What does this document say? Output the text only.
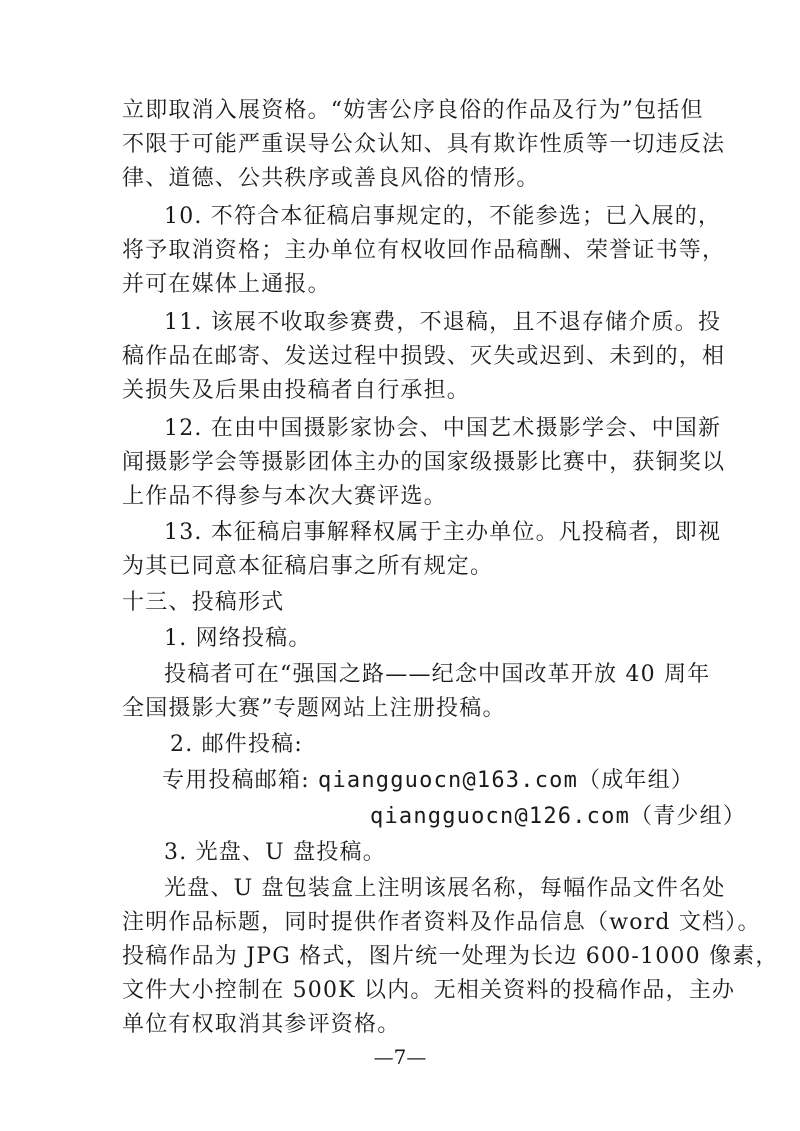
立即取消入展资格。“妨害公序良俗的作品及行为”包括但
不限于可能严重误导公众认知、具有欺诈性质等一切违反法
律、道德、公共秩序或善良风俗的情形。
10. 不符合本征稿启事规定的，不能参选；已入展的，
将予取消资格；主办单位有权收回作品稿酬、荣誉证书等，
并可在媒体上通报。
11. 该展不收取参赛费，不退稿，且不退存储介质。投
稿作品在邮寄、发送过程中损毁、灭失或迟到、未到的，相
关损失及后果由投稿者自行承担。
12. 在由中国摄影家协会、中国艺术摄影学会、中国新
闻摄影学会等摄影团体主办的国家级摄影比赛中，获铜奖以
上作品不得参与本次大赛评选。
13. 本征稿启事解释权属于主办单位。凡投稿者，即视
为其已同意本征稿启事之所有规定。
十三、投稿形式
1. 网络投稿。
投稿者可在“强国之路——纪念中国改革开放 40 周年
全国摄影大赛”专题网站上注册投稿。
2. 邮件投稿:
专用投稿邮箱: qiangguocn@163.com（成年组）
qiangguocn@126.com（青少组）
3. 光盘、U 盘投稿。
光盘、U 盘包装盒上注明该展名称，每幅作品文件名处
注明作品标题，同时提供作者资料及作品信息（word 文档）。
投稿作品为 JPG 格式，图片统一处理为长边 600-1000 像素，
文件大小控制在 500K 以内。无相关资料的投稿作品，主办
单位有权取消其参评资格。
—7—
